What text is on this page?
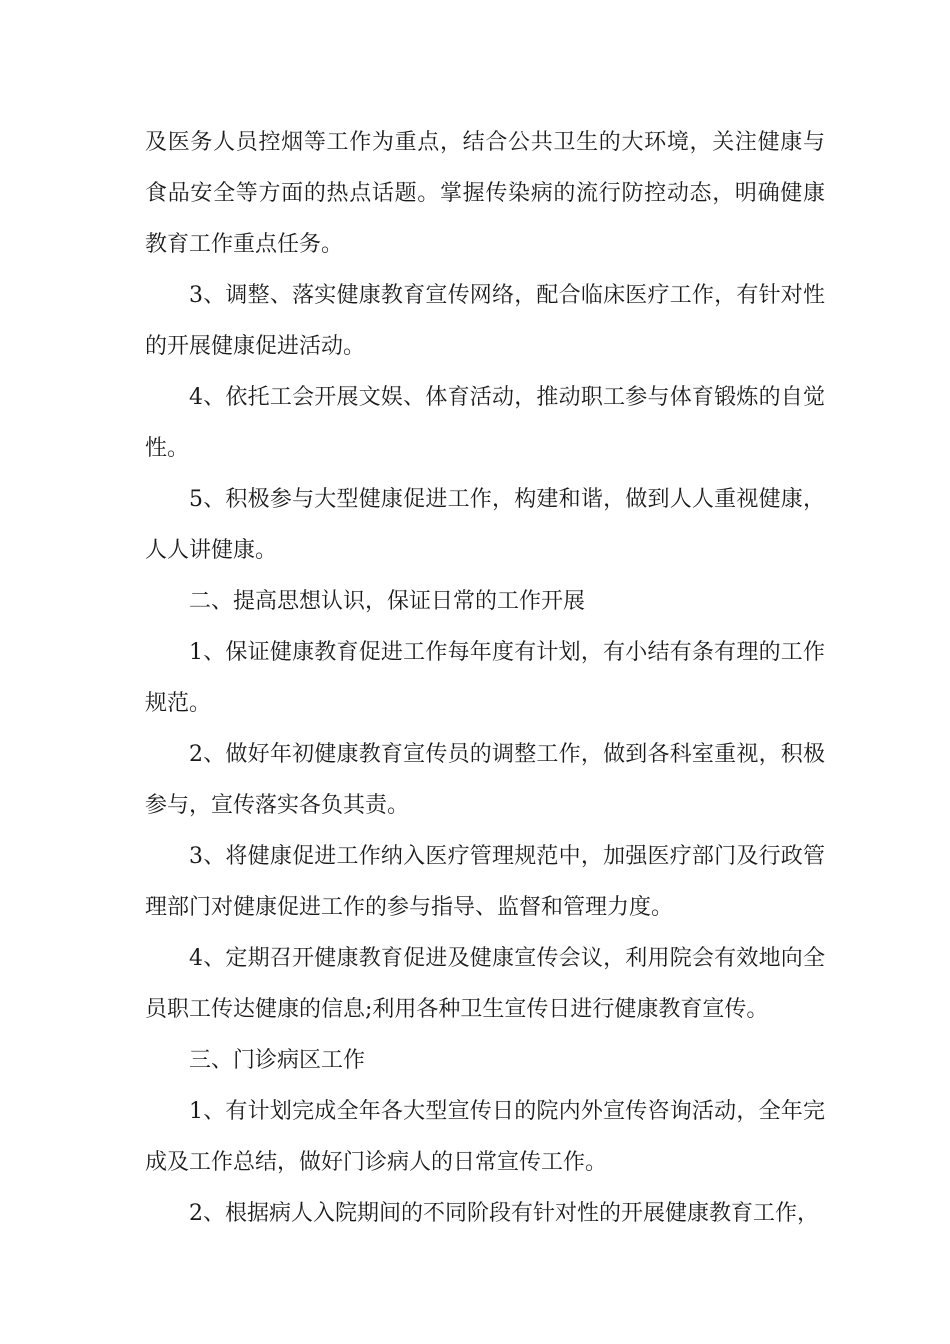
及医务人员控烟等工作为重点，结合公共卫生的大环境，关注健康与食品安全等方面的热点话题。掌握传染病的流行防控动态，明确健康教育工作重点任务。

3、调整、落实健康教育宣传网络，配合临床医疗工作，有针对性的开展健康促进活动。

4、依托工会开展文娱、体育活动，推动职工参与体育锻炼的自觉性。

5、积极参与大型健康促进工作，构建和谐，做到人人重视健康，人人讲健康。

二、提高思想认识，保证日常的工作开展

1、保证健康教育促进工作每年度有计划，有小结有条有理的工作规范。

2、做好年初健康教育宣传员的调整工作，做到各科室重视，积极参与，宣传落实各负其责。

3、将健康促进工作纳入医疗管理规范中，加强医疗部门及行政管理部门对健康促进工作的参与指导、监督和管理力度。

4、定期召开健康教育促进及健康宣传会议，利用院会有效地向全员职工传达健康的信息;利用各种卫生宣传日进行健康教育宣传。

三、门诊病区工作

1、有计划完成全年各大型宣传日的院内外宣传咨询活动，全年完成及工作总结，做好门诊病人的日常宣传工作。

2、根据病人入院期间的不同阶段有针对性的开展健康教育工作，
